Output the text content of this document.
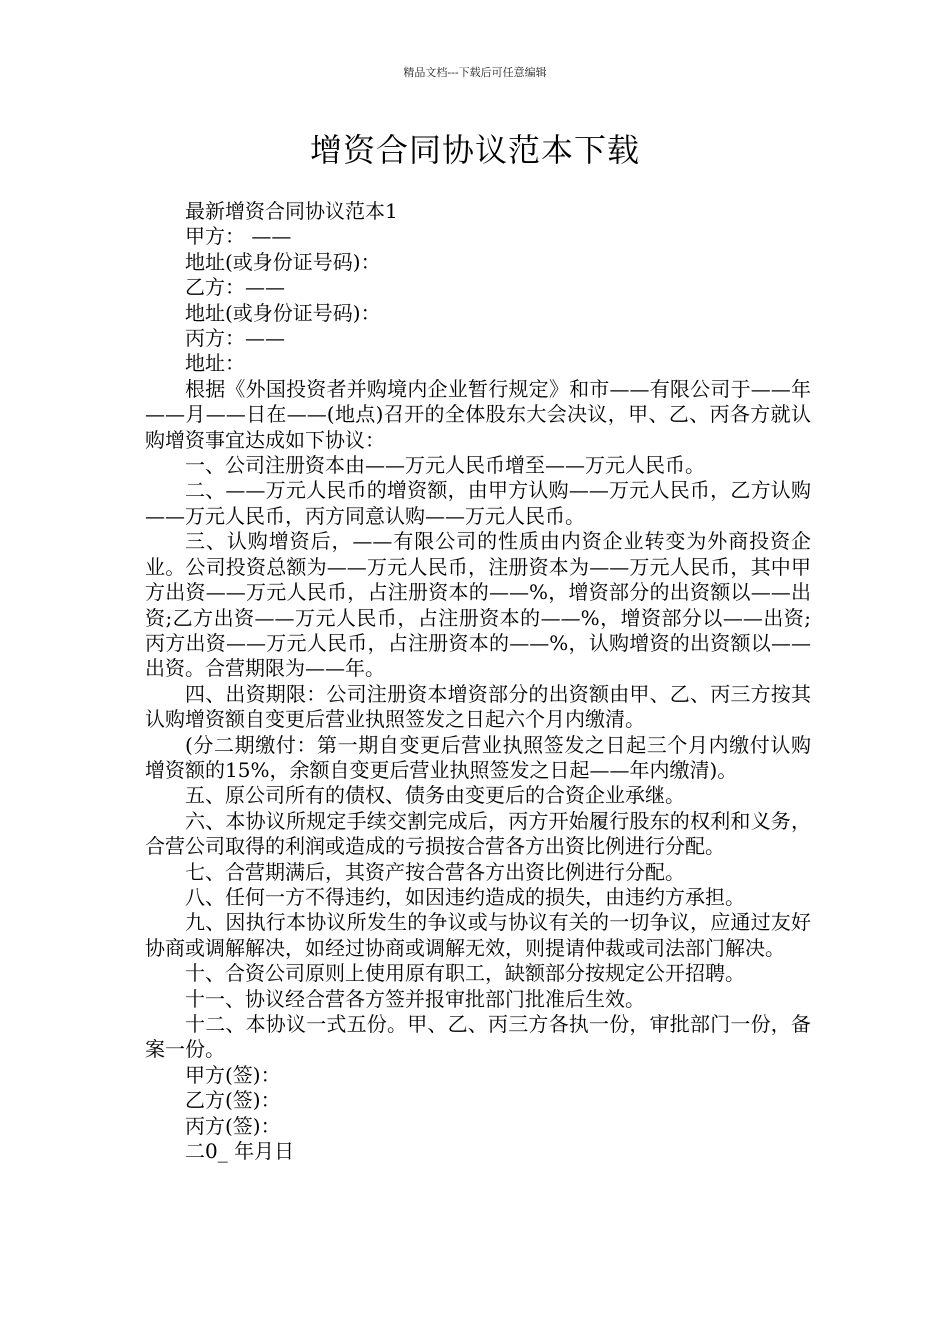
精品文档---下载后可任意编辑
增资合同协议范本下载

最新增资合同协议范本1

甲方： ——

地址(或身份证号码)：

乙方：——

地址(或身份证号码)：

丙方：——

地址：

根据《外国投资者并购境内企业暂行规定》和市——有限公司于——年——月——日在——(地点)召开的全体股东大会决议，甲、乙、丙各方就认购增资事宜达成如下协议：

一、公司注册资本由——万元人民币增至——万元人民币。

二、——万元人民币的增资额，由甲方认购——万元人民币，乙方认购——万元人民币，丙方同意认购——万元人民币。

三、认购增资后，——有限公司的性质由内资企业转变为外商投资企业。公司投资总额为——万元人民币，注册资本为——万元人民币，其中甲方出资——万元人民币，占注册资本的——%，增资部分的出资额以——出资;乙方出资——万元人民币，占注册资本的——%，增资部分以——出资;丙方出资——万元人民币，占注册资本的——%，认购增资的出资额以——出资。合营期限为——年。

四、出资期限：公司注册资本增资部分的出资额由甲、乙、丙三方按其认购增资额自变更后营业执照签发之日起六个月内缴清。

(分二期缴付：第一期自变更后营业执照签发之日起三个月内缴付认购增资额的15%，余额自变更后营业执照签发之日起——年内缴清)。

五、原公司所有的债权、债务由变更后的合资企业承继。

六、本协议所规定手续交割完成后，丙方开始履行股东的权利和义务，合营公司取得的利润或造成的亏损按合营各方出资比例进行分配。

七、合营期满后，其资产按合营各方出资比例进行分配。

八、任何一方不得违约，如因违约造成的损失，由违约方承担。

九、因执行本协议所发生的争议或与协议有关的一切争议，应通过友好协商或调解解决，如经过协商或调解无效，则提请仲裁或司法部门解决。

十、合资公司原则上使用原有职工，缺额部分按规定公开招聘。

十一、协议经合营各方签并报审批部门批准后生效。

十二、本协议一式五份。甲、乙、丙三方各执一份，审批部门一份，备案一份。

甲方(签)：

乙方(签)：

丙方(签)：

二0_ 年月日
